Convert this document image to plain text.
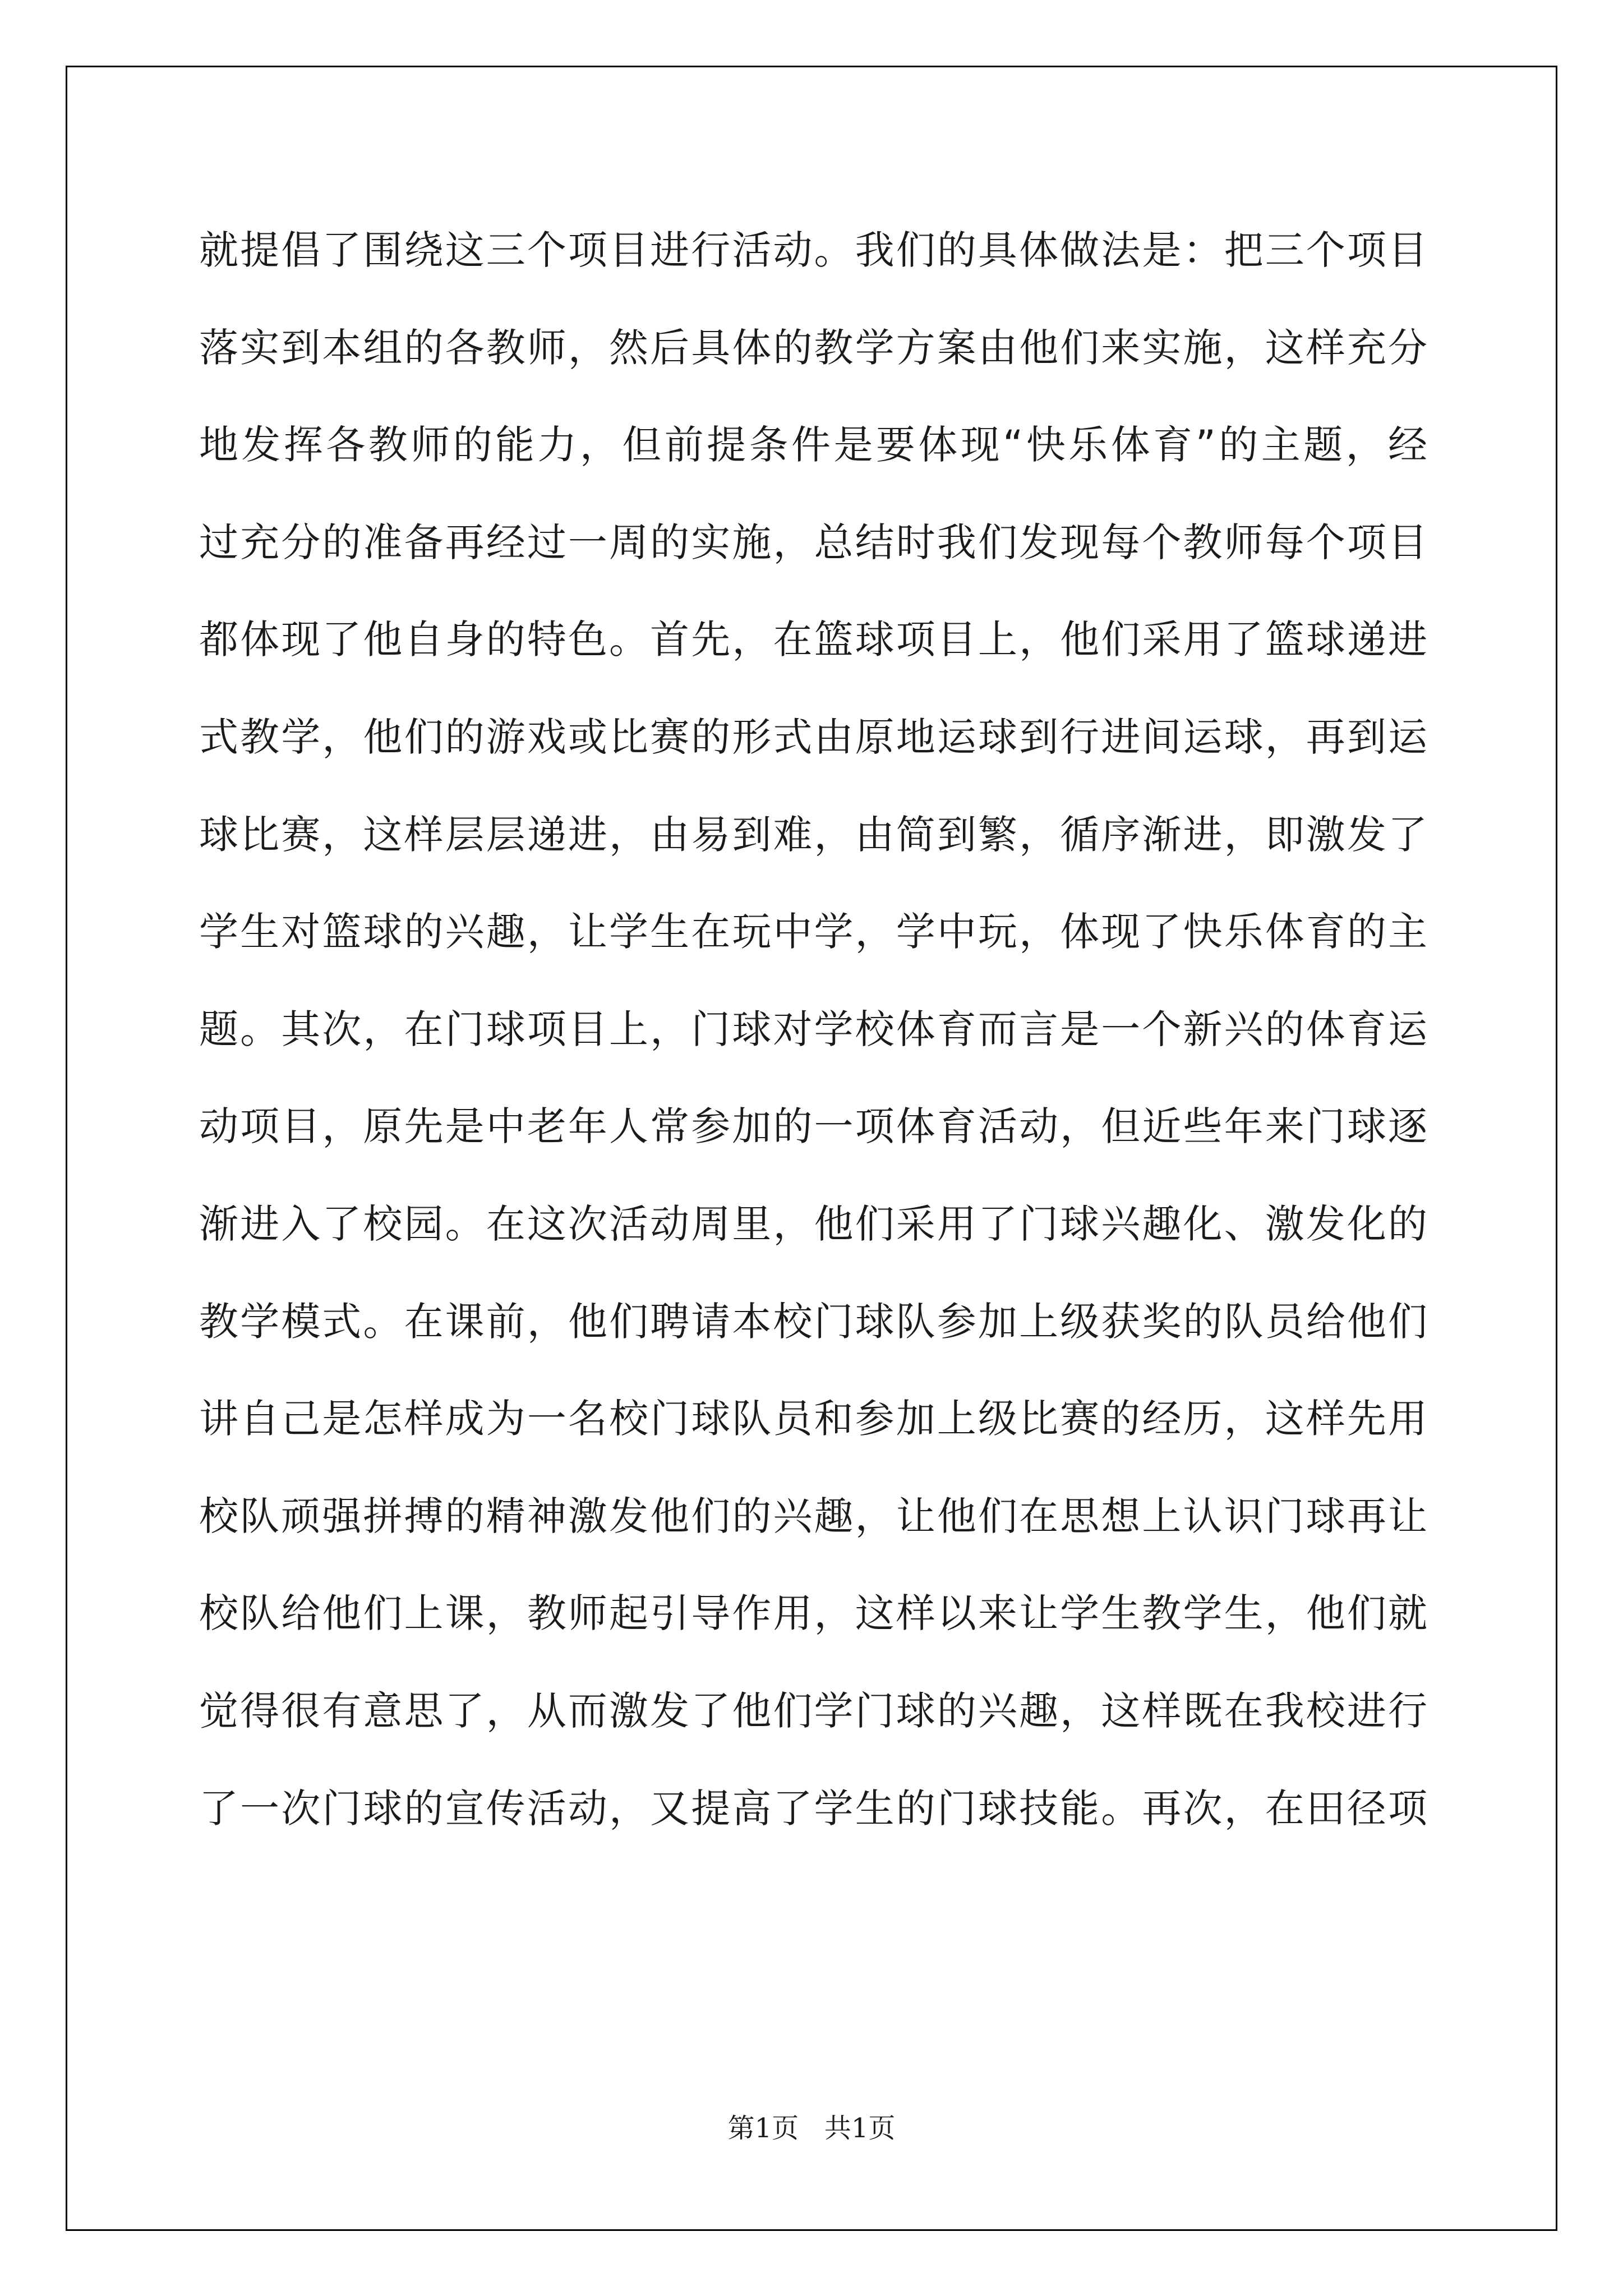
就提倡了围绕这三个项目进行活动。我们的具体做法是：把三个项目
落实到本组的各教师，然后具体的教学方案由他们来实施，这样充分
地发挥各教师的能力，但前提条件是要体现“快乐体育”的主题，经
过充分的准备再经过一周的实施，总结时我们发现每个教师每个项目
都体现了他自身的特色。首先，在篮球项目上，他们采用了篮球递进
式教学，他们的游戏或比赛的形式由原地运球到行进间运球，再到运
球比赛，这样层层递进，由易到难，由简到繁，循序渐进，即激发了
学生对篮球的兴趣，让学生在玩中学，学中玩，体现了快乐体育的主
题。其次，在门球项目上，门球对学校体育而言是一个新兴的体育运
动项目，原先是中老年人常参加的一项体育活动，但近些年来门球逐
渐进入了校园。在这次活动周里，他们采用了门球兴趣化、激发化的
教学模式。在课前，他们聘请本校门球队参加上级获奖的队员给他们
讲自己是怎样成为一名校门球队员和参加上级比赛的经历，这样先用
校队顽强拼搏的精神激发他们的兴趣，让他们在思想上认识门球再让
校队给他们上课，教师起引导作用，这样以来让学生教学生，他们就
觉得很有意思了，从而激发了他们学门球的兴趣，这样既在我校进行
了一次门球的宣传活动，又提高了学生的门球技能。再次，在田径项
第1页 共1页
